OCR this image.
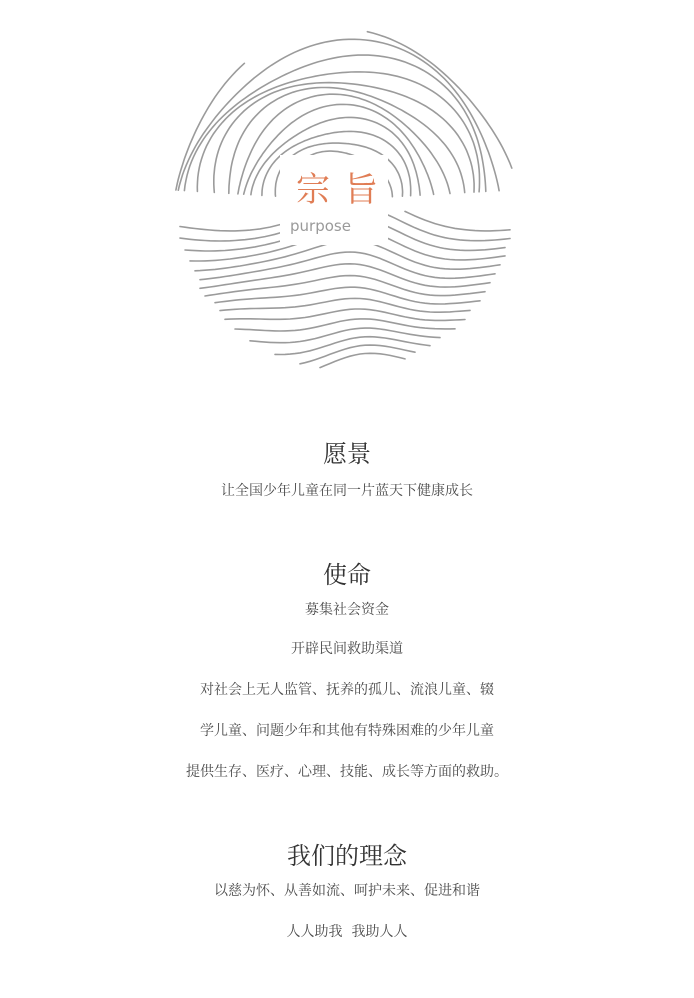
宗旨
purpose
愿景
让全国少年儿童在同一片蓝天下健康成长
使命
募集社会资金
开辟民间救助渠道
对社会上无人监管、抚养的孤儿、流浪儿童、辍
学儿童、问题少年和其他有特殊困难的少年儿童
提供生存、医疗、心理、技能、成长等方面的救助。
我们的理念
以慈为怀、从善如流、呵护未来、促进和谐
人人助我  我助人人
